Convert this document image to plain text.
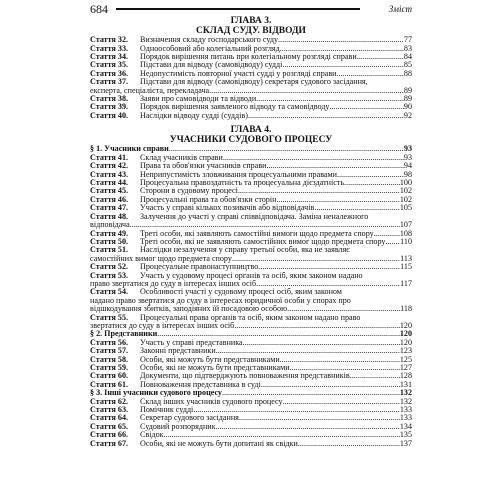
684	Зміст
ГЛАВА 3.
СКЛАД СУДУ. ВІДВОДИ
Стаття 32.	Визначення складу господарського суду .....	77
Стаття 33.	Одноособовий або колегіальний розгляд .....	83
Стаття 34.	Порядок вирішення питань при колегіальному розгляді справи .....	84
Стаття 35.	Підстави для відводу (самовідводу) судді .....	85
Стаття 36.	Недопустимість повторної участі судді у розгляді справи .....	88
Стаття 37.	Підстави для відводу (самовідводу) секретаря судового засідання,
експерта, спеціаліста, перекладача .....	89
Стаття 38.	Заяви про самовідводи та відводи .....	89
Стаття 39.	Порядок вирішення заявленого відводу та самовідводу .....	90
Стаття 40.	Наслідки відводу судді (суддів) .....	92
ГЛАВА 4.
УЧАСНИКИ СУДОВОГО ПРОЦЕСУ
§ 1. Учасники справи .....	93
Стаття 41.	Склад учасників справи .....	93
Стаття 42.	Права та обов'язки учасників справи .....	94
Стаття 43.	Неприпустимість зловживання процесуальними правами .....	98
Стаття 44.	Процесуальна правоздатність та процесуальна дієздатність .....	100
Стаття 45.	Сторони в судовому процесі .....	102
Стаття 46.	Процесуальні права та обов'язки сторін .....	102
Стаття 47.	Участь у справі кількох позивачів або відповідачів .....	105
Стаття 48.	Залучення до участі у справі співвідповідача. Заміна неналежного
відповідача .....	107
Стаття 49.	Треті особи, які заявляють самостійні вимоги щодо предмета спору .....	108
Стаття 50.	Треті особи, які не заявляють самостійних вимог щодо предмета спору ..... 110
Стаття 51.	Наслідки незалучення у справу третьої особи, яка не заявляє
самостійних вимог щодо предмета спору .....	113
Стаття 52.	Процесуальне правонаступництво .....	115
Стаття 53.	Участь у судовому процесі органів та осіб, яким законом надано
право звертатися до суду в інтересах інших осіб .....	117
Стаття 54.	Особливості участі у судовому процесі осіб, яким законом
надано право звертатися до суду в інтересах юридичної особи у спорах про
відшкодування збитків, заподіяних їй посадовою особою .....	118
Стаття 55.	Процесуальні права органів та осіб, яким законом надано право
звертатися до суду в інтересах інших осіб .....	120
§ 2. Представники .....	120
Стаття 56.	Участь у справі представника .....	120
Стаття 57.	Законні представники .....	123
Стаття 58.	Особи, які можуть бути представниками .....	125
Стаття 59.	Особи, які не можуть бути представниками .....	127
Стаття 60.	Документи, що підтверджують повноваження представників .....	128
Стаття 61.	Повноваження представника в суді .....	131
§ 3. Інші учасники судового процесу .....	132
Стаття 62.	Склад інших учасників судового процесу .....	132
Стаття 63.	Помічник судді .....	133
Стаття 64.	Секретар судового засідання .....	133
Стаття 65.	Судовий розпорядник .....	134
Стаття 66.	Свідок .....	135
Стаття 67.	Особи, які не можуть бути допитані як свідки .....	137
